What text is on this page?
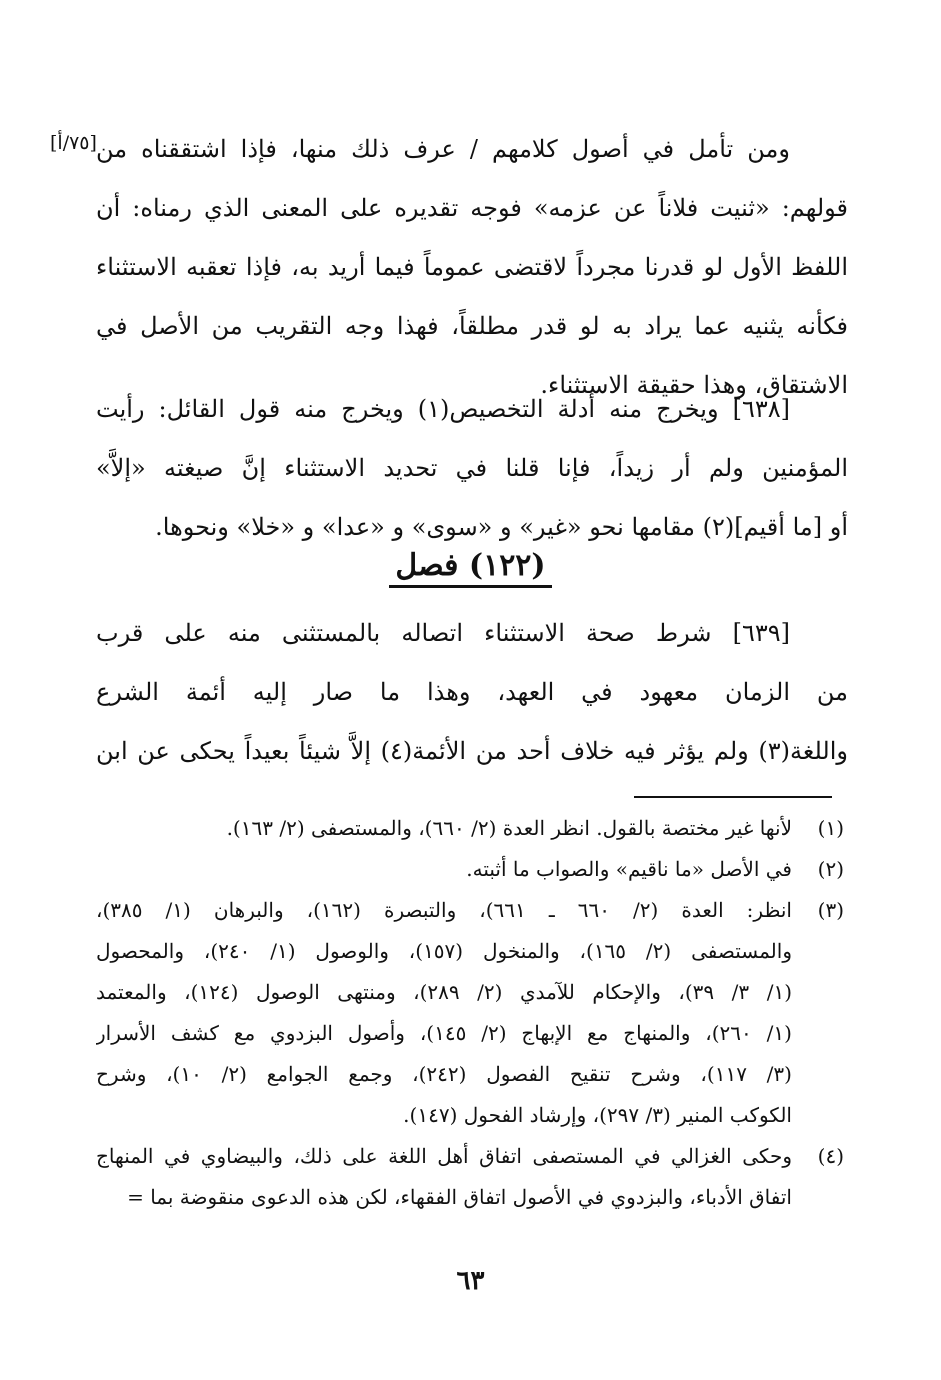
[٧٥/أ] ومن تأمل في أصول كلامهم / عرف ذلك منها، فإذا اشتققناه من
قولهم: «ثنيت فلاناً عن عزمه» فوجه تقديره على المعنى الذي رمناه: أن
اللفظ الأول لو قدرنا مجرداً لاقتضى عموماً فيما أريد به، فإذا تعقبه الاستثناء
فكأنه يثنيه عما يراد به لو قدر مطلقاً، فهذا وجه التقريب من الأصل في
الاشتقاق، وهذا حقيقة الاستثناء.
[٦٣٨] ويخرج منه أدلة التخصيص(١) ويخرج منه قول القائل: رأيت
المؤمنين ولم أر زيداً، فإنا قلنا في تحديد الاستثناء إنَّ صيغته «إلاَّ»
أو [ما أقيم](٢) مقامها نحو «غير» و «سوى» و «عدا» و «خلا» ونحوها.
(١٢٢) فصل
[٦٣٩] شرط صحة الاستثناء اتصاله بالمستثنى منه على قرب
من الزمان معهود في العهد، وهذا ما صار إليه أئمة الشرع
واللغة(٣) ولم يؤثر فيه خلاف أحد من الأئمة(٤) إلاَّ شيئاً بعيداً يحكى عن ابن
(١)
لأنها غير مختصة بالقول. انظر العدة (٢/ ٦٦٠)، والمستصفى (٢/ ١٦٣).
(٢)
في الأصل «ما ناقيم» والصواب ما أثبته.
(٣)
انظر: العدة (٢/ ٦٦٠ ـ ٦٦١)، والتبصرة (١٦٢)، والبرهان (١/ ٣٨٥)،
والمستصفى (٢/ ١٦٥)، والمنخول (١٥٧)، والوصول (١/ ٢٤٠)، والمحصول
(١/ ٣/ ٣٩)، والإحكام للآمدي (٢/ ٢٨٩)، ومنتهى الوصول (١٢٤)، والمعتمد
(١/ ٢٦٠)، والمنهاج مع الإبهاج (٢/ ١٤٥)، وأصول البزدوي مع كشف الأسرار
(٣/ ١١٧)، وشرح تنقيح الفصول (٢٤٢)، وجمع الجوامع (٢/ ١٠)، وشرح
الكوكب المنير (٣/ ٢٩٧)، وإرشاد الفحول (١٤٧).
(٤)
وحكى الغزالي في المستصفى اتفاق أهل اللغة على ذلك، والبيضاوي في المنهاج
اتفاق الأدباء، والبزدوي في الأصول اتفاق الفقهاء، لكن هذه الدعوى منقوضة بما =
٦٣
